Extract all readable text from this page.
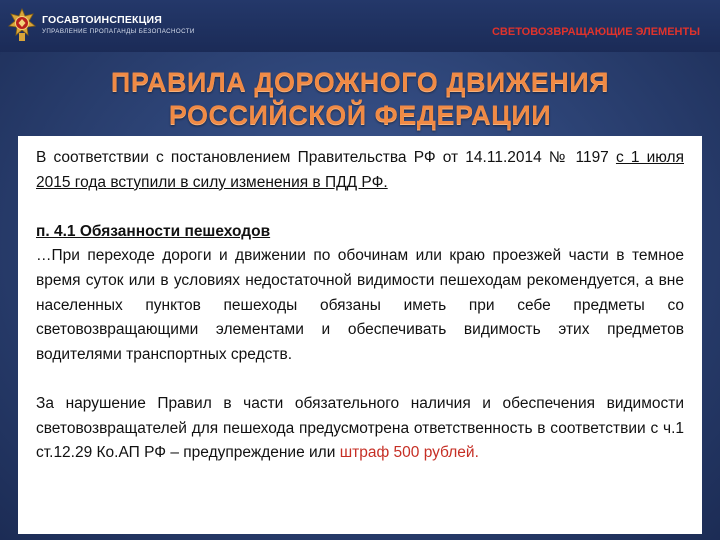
ГОСАВТОИНСПЕКЦИЯ
УПРАВЛЕНИЕ ПРОПАГАНДЫ БЕЗОПАСНОСТИ	СВЕТОВОЗВРАЩАЮЩИЕ ЭЛЕМЕНТЫ
ПРАВИЛА ДОРОЖНОГО ДВИЖЕНИЯ
РОССИЙСКОЙ ФЕДЕРАЦИИ

В соответствии с постановлением Правительства РФ от 14.11.2014 № 1197 с 1 июля 2015 года вступили в силу изменения в ПДД РФ.

п. 4.1 Обязанности пешеходов

…При переходе дороги и движении по обочинам или краю проезжей части в темное время суток или в условиях недостаточной видимости пешеходам рекомендуется, а вне населенных пунктов пешеходы обязаны иметь при себе предметы со световозвращающими элементами и обеспечивать видимость этих предметов водителями транспортных средств.

За нарушение Правил в части обязательного наличия и обеспечения видимости световозвращателей для пешехода предусмотрена ответственность в соответствии с ч.1 ст.12.29 Ко.АП РФ – предупреждение или штраф 500 рублей.
